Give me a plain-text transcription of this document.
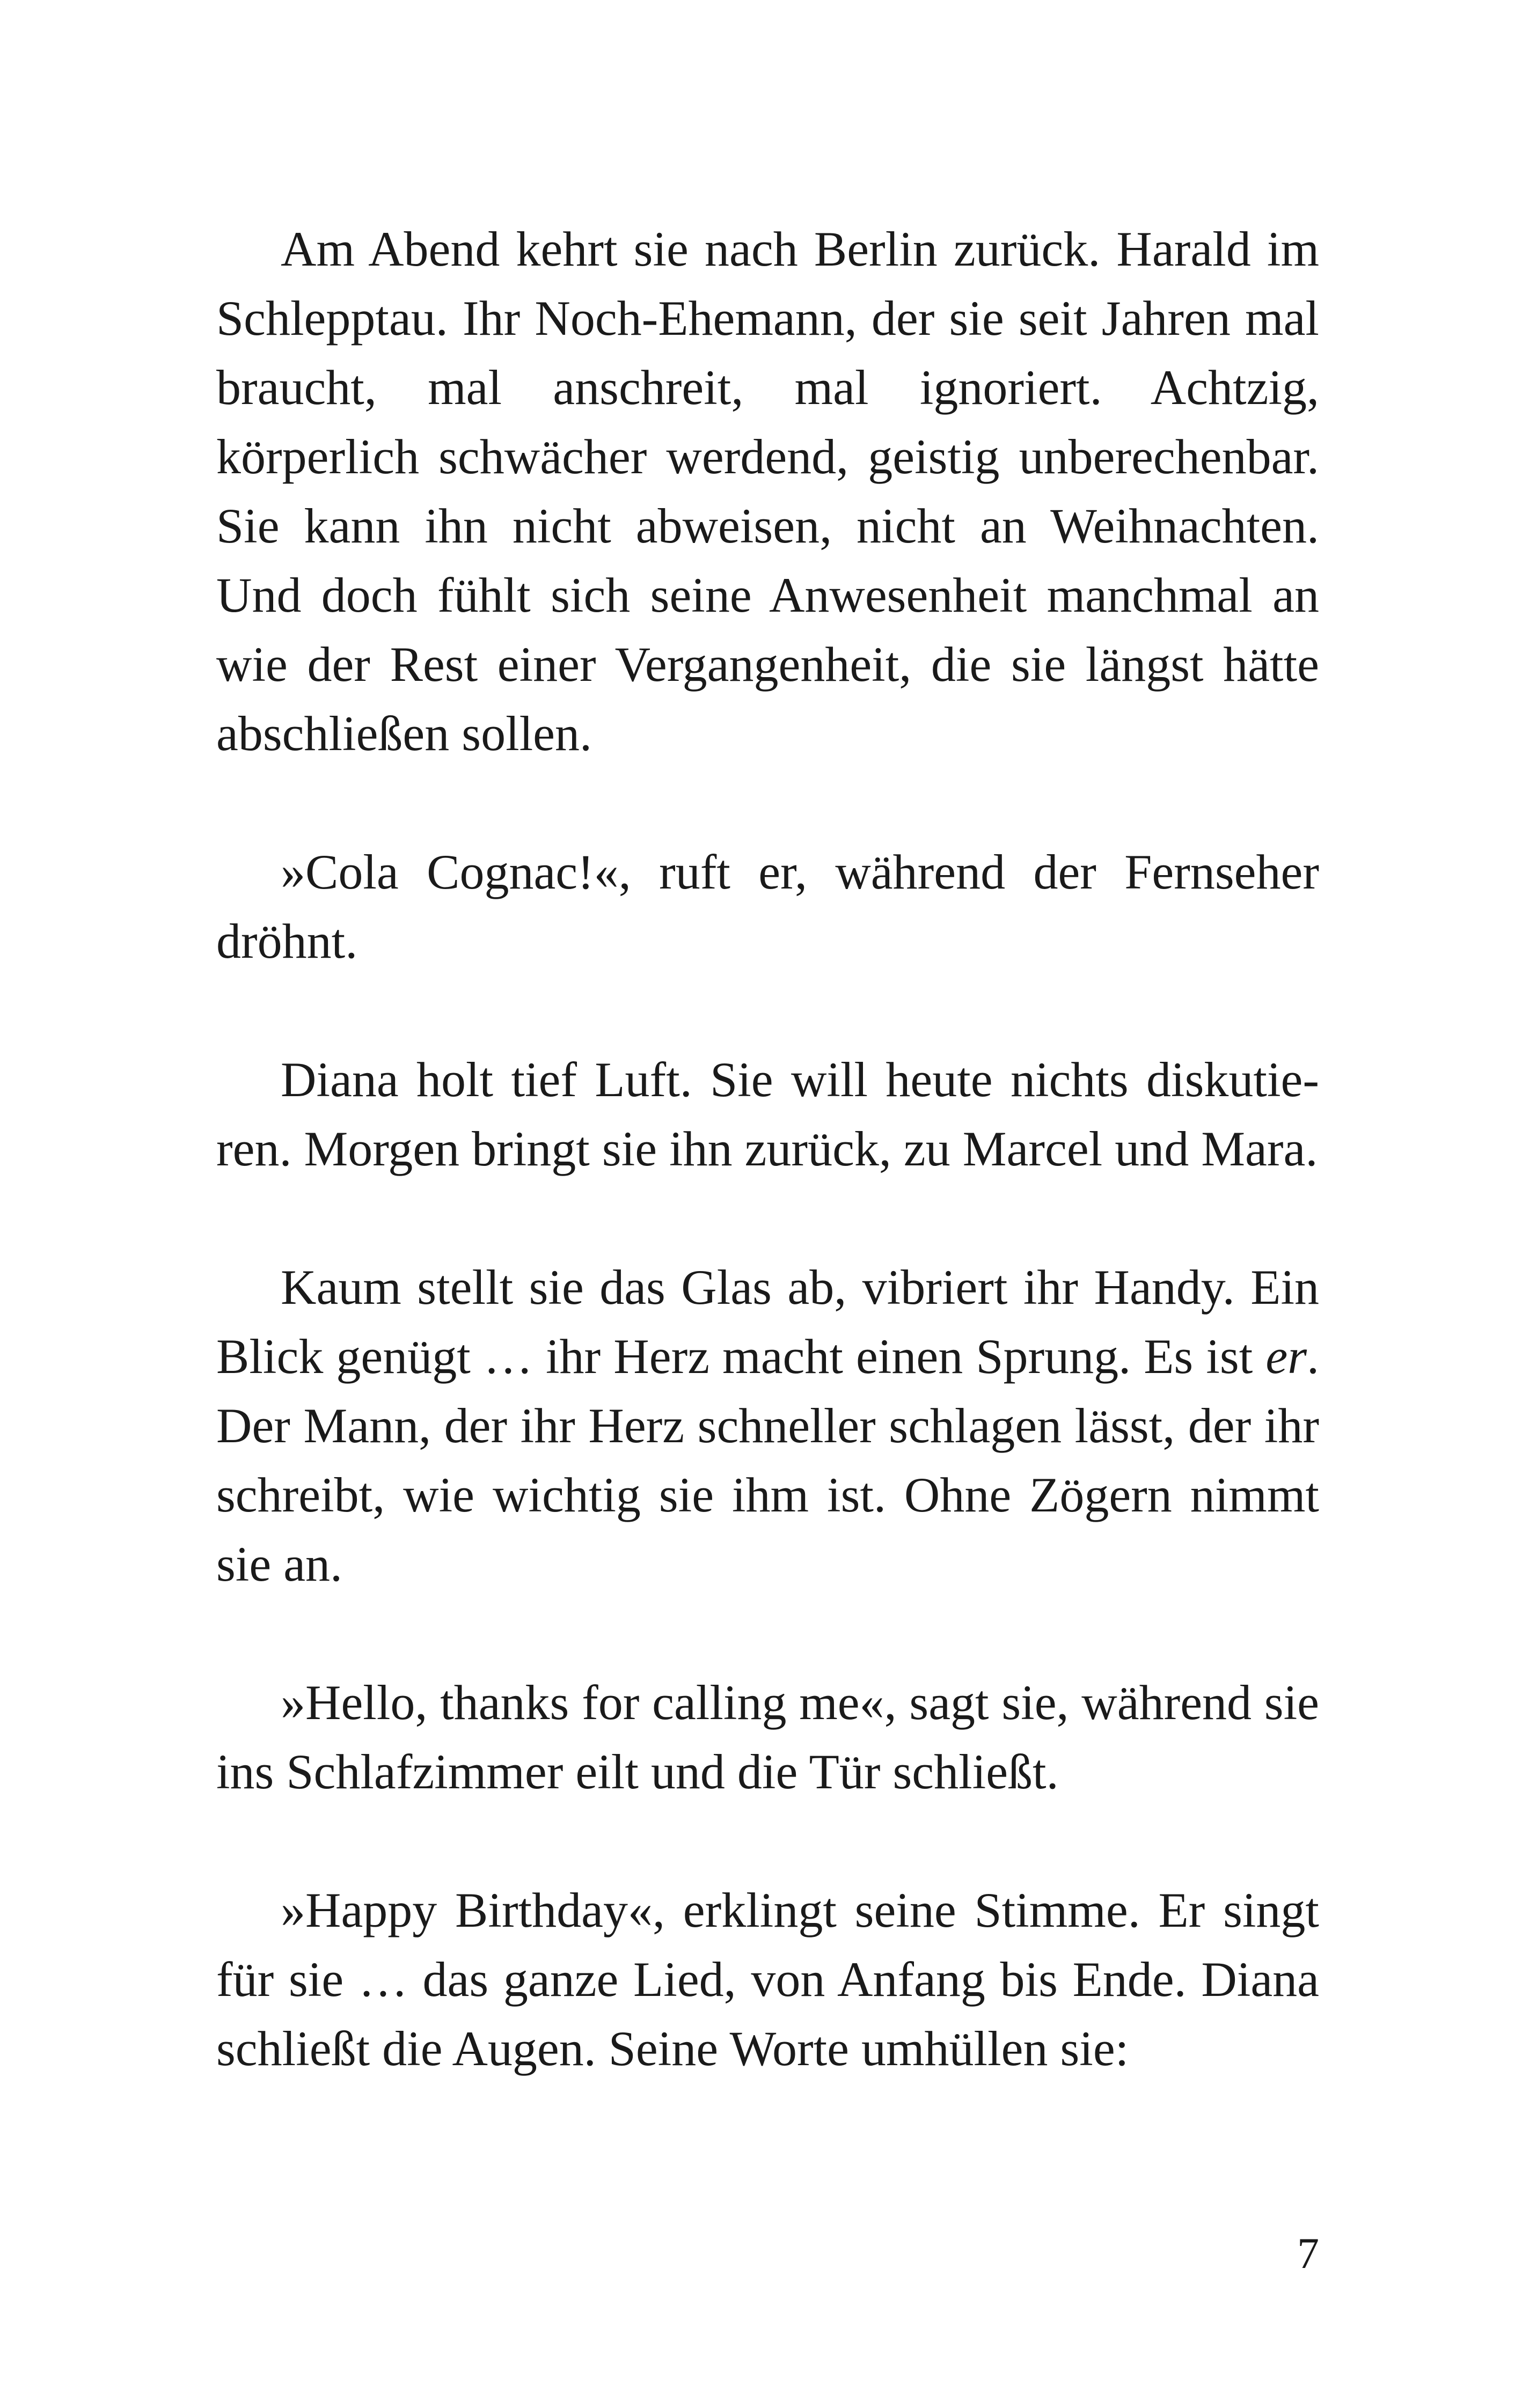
Am Abend kehrt sie nach Berlin zurück. Harald im Schlepptau. Ihr Noch-Ehemann, der sie seit Jahren mal braucht, mal anschreit, mal ignoriert. Achtzig, körperlich schwächer werdend, geistig unberechenbar. Sie kann ihn nicht abweisen, nicht an Weihnachten. Und doch fühlt sich seine Anwesenheit manchmal an wie der Rest einer Vergangenheit, die sie längst hätte abschließen sollen.

»Cola Cognac!«, ruft er, während der Fernseher dröhnt.

Diana holt tief Luft. Sie will heute nichts diskutieren. Morgen bringt sie ihn zurück, zu Marcel und Mara.

Kaum stellt sie das Glas ab, vibriert ihr Handy. Ein Blick genügt … ihr Herz macht einen Sprung. Es ist er. Der Mann, der ihr Herz schneller schlagen lässt, der ihr schreibt, wie wichtig sie ihm ist. Ohne Zögern nimmt sie an.

»Hello, thanks for calling me«, sagt sie, während sie ins Schlafzimmer eilt und die Tür schließt.

»Happy Birthday«, erklingt seine Stimme. Er singt für sie … das ganze Lied, von Anfang bis Ende. Diana schließt die Augen. Seine Worte umhüllen sie:

7
